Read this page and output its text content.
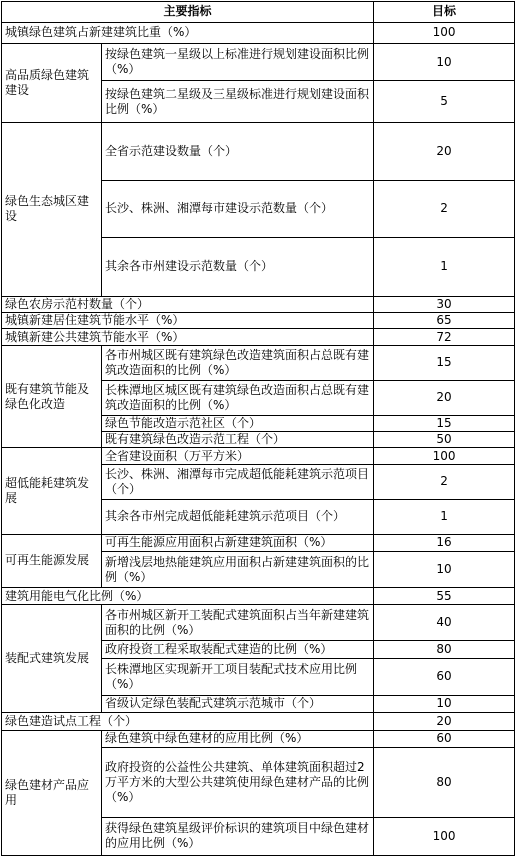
主要指标		目标
城镇绿色建筑占新建建筑比重（%）		100
高品质绿色建筑建设	按绿色建筑一星级以上标准进行规划建设面积比例（%）	10
	按绿色建筑二星级及三星级标准进行规划建设面积比例（%）	5
绿色生态城区建设	全省示范建设数量（个）	20
	长沙、株洲、湘潭每市建设示范数量（个）	2
	其余各市州建设示范数量（个）	1
绿色农房示范村数量（个）		30
城镇新建居住建筑节能水平（%）		65
城镇新建公共建筑节能水平（%）		72
既有建筑节能及绿色化改造	各市州城区既有建筑绿色改造建筑面积占总既有建筑改造面积的比例（%）	15
	长株潭地区城区既有建筑绿色改造面积占总既有建筑改造面积的比例（%）	20
	绿色节能改造示范社区（个）	15
	既有建筑绿色改造示范工程（个）	50
超低能耗建筑发展	全省建设面积（万平方米）	100
	长沙、株洲、湘潭每市完成超低能耗建筑示范项目（个）	2
	其余各市州完成超低能耗建筑示范项目（个）	1
可再生能源发展	可再生能源应用面积占新建建筑面积（%）	16
	新增浅层地热能建筑应用面积占新建建筑面积的比例（%）	10
建筑用能电气化比例（%）		55
装配式建筑发展	各市州城区新开工装配式建筑面积占当年新建建筑面积的比例（%）	40
	政府投资工程采取装配式建造的比例（%）	80
	长株潭地区实现新开工项目装配式技术应用比例（%）	60
	省级认定绿色装配式建筑示范城市（个）	10
绿色建造试点工程（个）		20
绿色建材产品应用	绿色建筑中绿色建材的应用比例（%）	60
	政府投资的公益性公共建筑、单体建筑面积超过2万平方米的大型公共建筑使用绿色建材产品的比例（%）	80
	获得绿色建筑星级评价标识的建筑项目中绿色建材的应用比例（%）	100
